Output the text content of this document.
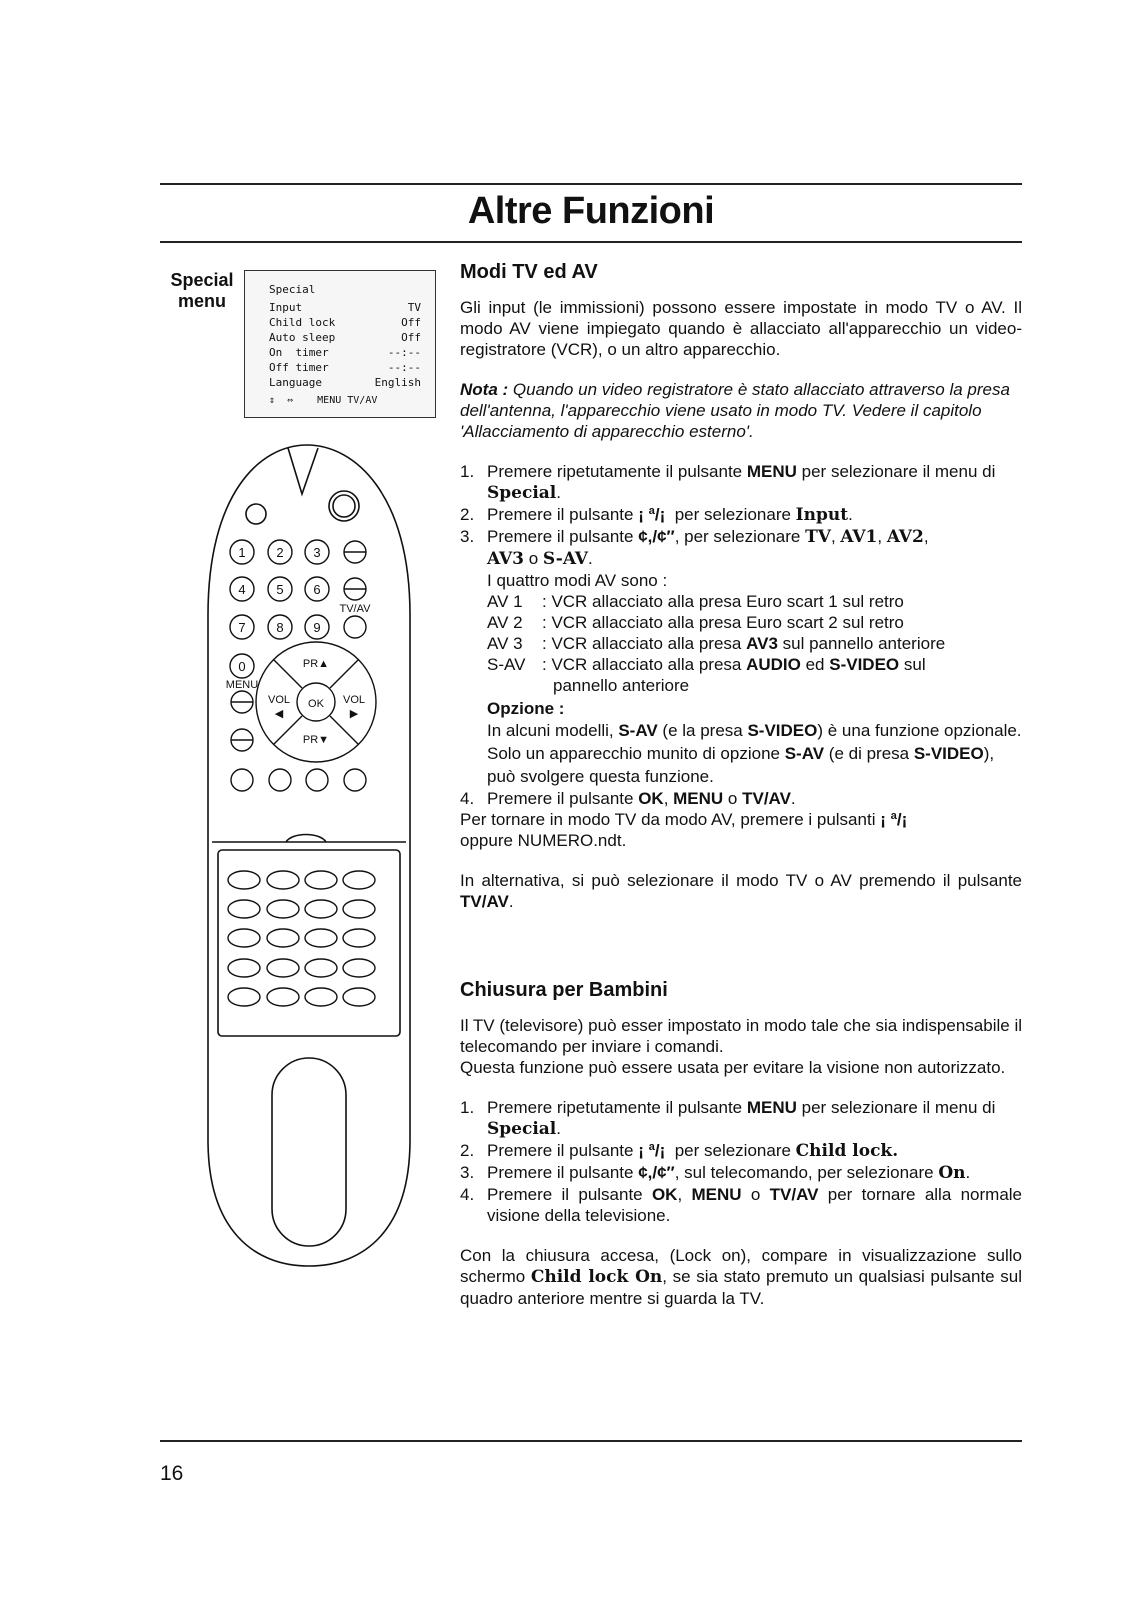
Altre Funzioni
Special
menu
Special
Input	TV
Child lock	Off
Auto sleep	Off
On  timer	--:--
Off timer	--:--
Language	English
⇕  ⇔    MENU TV/AV
1 2 3
4 5 6
7 8 9
0
TV/AV
MENU
PR▲
PR▼
VOL	VOL
◀	▶
OK
Modi TV ed AV

Gli input (le immissioni) possono essere impostate in modo TV o AV. Il modo AV viene impiegato quando è allacciato all'apparecchio un video-registratore (VCR), o un altro apparecchio.

Nota : Quando un video registratore è stato allacciato attraverso la presa dell'antenna, l'apparecchio viene usato in modo TV. Vedere il capitolo 'Allacciamento di apparecchio esterno'.

1. Premere ripetutamente il pulsante MENU per selezionare il menu di Special.
2. Premere il pulsante ¡ ª/¡  per selezionare Input.
3. Premere il pulsante ¢,/¢″, per selezionare TV, AV1, AV2,
AV3 o S-AV.

I quattro modi AV sono :

AV 1	: VCR allacciato alla presa Euro scart 1 sul retro
AV 2	: VCR allacciato alla presa Euro scart 2 sul retro
AV 3	: VCR allacciato alla presa AV3 sul pannello anteriore
S-AV : VCR allacciato alla presa AUDIO ed S-VIDEO sul
pannello anteriore

Opzione :

In alcuni modelli, S-AV (e la presa S-VIDEO) è una funzione opzionale. Solo un apparecchio munito di opzione S-AV (e di presa S-VIDEO), può svolgere questa funzione.

4. Premere il pulsante OK, MENU o TV/AV.

Per tornare in modo TV da modo AV, premere i pulsanti ¡ ª/¡
oppure NUMERO.ndt.

In alternativa, si può selezionare il modo TV o AV premendo il pulsante TV/AV.

Chiusura per Bambini

Il TV (televisore) può esser impostato in modo tale che sia indispensabile il telecomando per inviare i comandi.

Questa funzione può essere usata per evitare la visione non autorizzato.

1. Premere ripetutamente il pulsante MENU per selezionare il menu di Special.
2. Premere il pulsante ¡ ª/¡  per selezionare Child lock.
3. Premere il pulsante ¢,/¢″, sul telecomando, per selezionare On.
4. Premere il pulsante OK, MENU o TV/AV per tornare alla normale visione della televisione.

Con la chiusura accesa, (Lock on), compare in visualizzazione sullo schermo Child lock On, se sia stato premuto un qualsiasi pulsante sul quadro anteriore mentre si guarda la TV.

16
